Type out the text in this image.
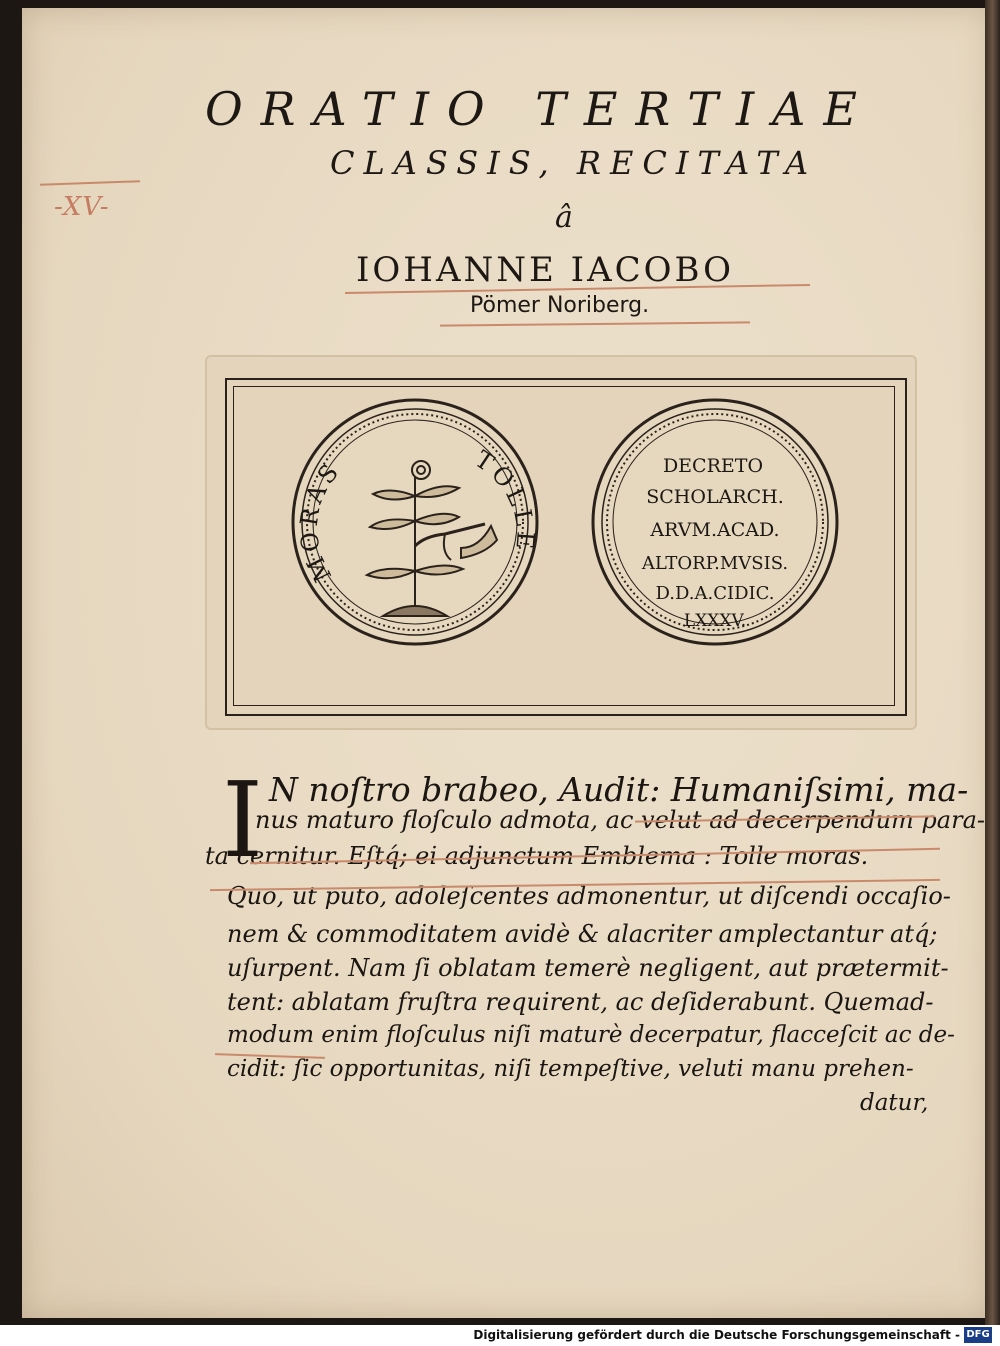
-XV-
ORATIO TERTIAE
CLASSIS, RECITATA
â
IOHANNE IACOBO
Pömer Noriberg.
MORAS	TOLLE
DECRETO
SCHOLARCH.
ARVM.ACAD.
ALTORP.MVSIS.
D.D.A.CIDIC.
LXXXV.
I N noſtro brabeo, Audit: Humaniſsimi, ma-
nus maturo floſculo admota, ac velut ad decerpendum para-
ta cernitur. Eſtq́; ei adjunctum Emblema : Tolle moras.
Quo, ut puto, adoleſcentes admonentur, ut diſcendi occaſio-
nem & commoditatem avidè & alacriter amplectantur atq́;
uſurpent. Nam ſi oblatam temerè negligent, aut prætermit-
tent: ablatam fruſtra requirent, ac deſiderabunt. Quemad-
modum enim floſculus niſi maturè decerpatur, flacceſcit ac de-
cidit: ſic opportunitas, niſi tempeſtive, veluti manu prehen-
datur,
Digitalisierung gefördert durch die Deutsche Forschungsgemeinschaft - DFG
